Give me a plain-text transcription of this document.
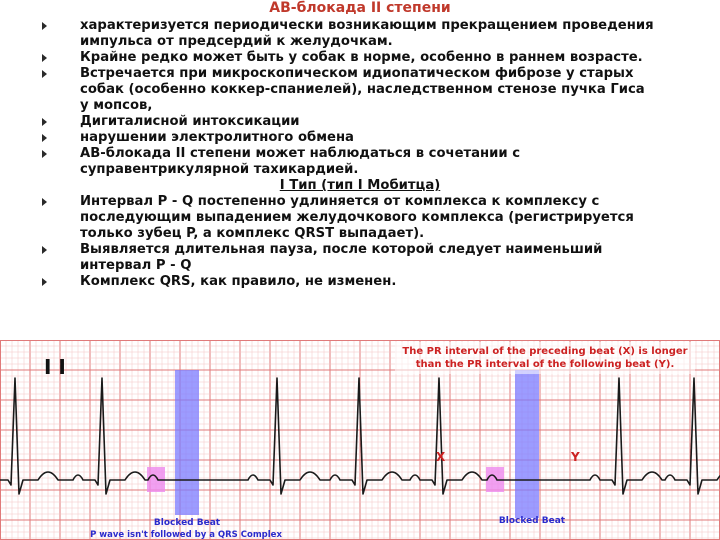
АВ-блокада II степени
характеризуется периодически возникающим прекращением проведения
импульса от предсердий к желудочкам.
Крайне редко может быть у собак в норме, особенно в раннем возрасте.
Встречается при микроскопическом идиопатическом фиброзе у старых
собак (особенно коккер-спаниелей), наследственном стенозе пучка Гиса
у мопсов,
Дигиталисной интоксикации
нарушении электролитного обмена
АВ-блокада II степени может наблюдаться в сочетании с
суправентрикулярной тахикардией.
I Тип (тип I Мобитца)
Интервал P - Q постепенно удлиняется от комплекса к комплексу с
последующим выпадением желудочкового комплекса (регистрируется
только зубец P, а комплекс QRST выпадает).
Выявляется длительная пауза, после которой следует наименьший
интервал P - Q
Комплекс QRS, как правило, не изменен.
I I
The PR interval of the preceding beat (X) is longer
than the PR interval of the following beat (Y).
X	Y
Blocked Beat
P wave isn't followed by a QRS Complex
Blocked Beat
